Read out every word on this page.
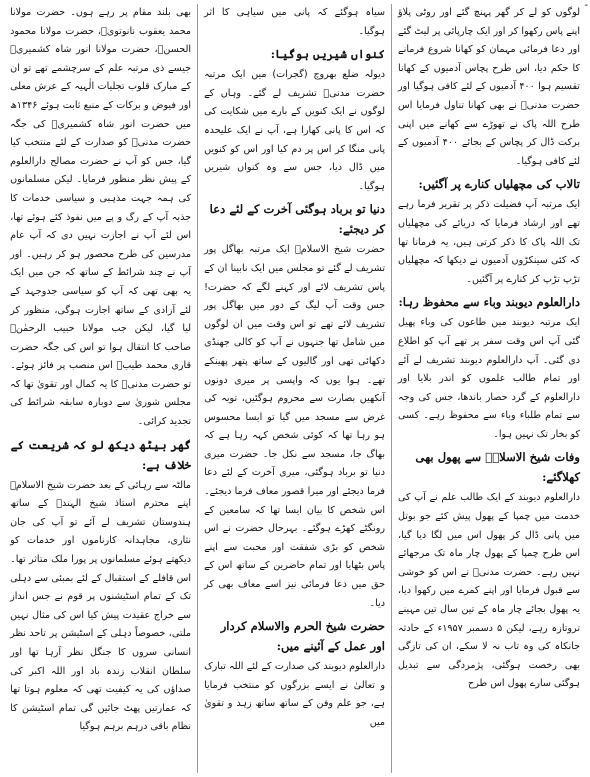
-

لوگوں کو لے کر گھر پہنچ گئے اور روٹی پلاؤ اپنے پاس رکھوا کر اور ایک چارپائی پر لیٹ گئے اور دعا فرمائی مہمان کو کھانا شروع فرمانے کا حکم دیا، اس طرح پچاس آدمیوں کے کھانا تقسیم ہوا ۴۰۰ آدمیوں کے لئے کافی ہوگیا اور حضرت مدنیؒ نے بھی کھانا تناول فرمایا اس طرح اللہ پاک نے تھوڑے سے کھانے میں اپنی برکت ڈال کر پچاس کے بجائے ۴۰۰ آدمیوں کے لئے کافی ہوگیا۔

تالاب کی مچھلیاں کنارے پر آگئیں:

ایک مرتبہ آپ فضیلت ذکر پر تقریر فرما رہے تھے اور ارشاد فرمایا کہ دریائے کی مچھلیاں تک اللہ پاک کا ذکر کرتی ہیں، یہ فرمانا تھا کہ کئی سینکڑوں آدمیوں نے دیکھا کہ مچھلیاں تڑپ تڑپ کر کنارے پر آگئیں۔

دارالعلوم دیوبند وباء سے محفوظ رہا:

ایک مرتبہ دیوبند میں طاعون کی وباء پھیل گئی آپ اس وقت سفر پر تھے آپ کو اطلاع دی گئی۔ آپ دارالعلوم دیوبند تشریف لے آئے اور تمام طالب علموں کو اندر بلایا اور دارالعلوم کے گرد حصار باندھا، جس کی وجہ سے تمام طلباء وباء سے محفوظ رہے۔ کسی کو بخار تک نہیں ہوا۔

وفات شیخ الاسلامؒ سے پھول بھی کھلاگئے:

دارالعلوم دیوبند کے ایک طالب علم نے آپ کی خدمت میں چمپا کے پھول پیش کئے جو بوتل میں پانی ڈال کر پھول اس میں لگا دیا گیا، اس طرح چمپا کے پھول چار ماہ تک مرجھائے نہیں رہے۔ حضرت مدنیؒ نے اس کو خوشی سے قبول فرمایا اور اپنے کمرے میں رکھوا دیا، یہ پھول بجائے چار ماہ کے تین سال تین مہینے تروتازہ رہے، لیکن ۵ دسمبر ۱۹۵۷ء کے حادثہ جانکاہ کی وہ تاب نہ لا سکے، ان کی تازگی بھی رخصت ہوگئی، پژمردگی سے تبدیل ہوگئی سارے پھول اس طرح

سیاہ ہوگئے کہ پانی میں سیاہی کا اثر ہوگیا۔

کنواں شیریں ہوگیا:

دیولہ ضلع بھروچ (گجرات) میں ایک مرتبہ حضرت مدنیؒ تشریف لے گئے۔ وہاں کے لوگوں نے ایک کنویں کے بارے میں شکایت کی کہ اس کا پانی کھارا ہے، آپ نے ایک علیحدہ پانی منگا کر اس پر دم کیا اور اس کو کنویں میں ڈال دیا، جس سے وہ کنواں شیریں ہوگیا۔

دنیا تو برباد ہوگئی آخرت کے لئے دعا کر دیجئے:

حضرت شیخ الاسلامؒ ایک مرتبہ بھاگل پور تشریف لے گئے تو مجلس میں ایک نابینا ان کے پاس تشریف لائے اور کہنے لگے کہ حضرت! جس وقت آپ لیگ کے دور میں بھاگل پور تشریف لائے تھے تو اس وقت میں ان لوگوں میں شامل تھا جنہوں نے آپ کو کالی جھنڈی دکھائی تھی اور گالیوں کے ساتھ پتھر پھینکے تھے۔ ہوا یوں کہ واپسی پر میری دونوں آنکھیں بصارت سے محروم ہوگئیں، توبہ کی غرض سے مسجد میں گیا تو ایسا محسوس ہو رہا تھا کہ کوئی شخص کہہ رہا ہے کہ بھاگ جا، مسجد سے نکل جا۔ حضرت میری دنیا تو برباد ہوگئی، میری آخرت کے لئے دعا فرما دیجئے اور میرا قصور معاف فرما دیجئے۔ اس شخص کا بیان ایسا تھا کہ سامعین کے رونگٹے کھڑے ہوگئے۔ بہرحال حضرت نے اس شخص کو بڑی شفقت اور محبت سے اپنے پاس بٹھایا اور تمام حاضرین کے ساتھ اس کے حق میں دعا فرمائی نیز اسے معاف بھی کر دیا۔

حضرت شیخ الحرم والاسلام کردار اور عمل کے آئینے میں:

دارالعلوم دیوبند کی صدارت کے لئے اللہ تبارک و تعالیٰ نے ایسے بزرگوں کو منتخب فرمایا ہے، جو علم وفن کے ساتھ ساتھ زہد و تقویٰ میں

بھی بلند مقام پر رہے ہوں۔ حضرت مولانا محمد یعقوب نانوتویؒ، حضرت مولانا محمود الحسنؒ، حضرت مولانا انور شاہ کشمیریؒ جیسے ذی مرتبہ علم کے سرچشمے تھے تو ان کے مبارک قلوب تجلیات الٰہیہ کے عرش معلی اور فیوض و برکات کے منبع ثابت ہوئے ۱۳۴۶ھ میں حضرت انور شاہ کشمیریؒ کی جگہ حضرت مدنیؒ کو صدارت کے لئے منتخب کیا گیا، جس کو آپ نے حضرت مصالح دارالعلوم کے پیش نظر منظور فرمایا۔ لیکن مسلمانوں کی ہمہ جہت مذہبی و سیاسی خدمات کا جذبہ آپ کے رگ و پے میں نفوذ کئے ہوئے تھا، اس لئے آپ نے اجازت نہیں دی کہ آپ عام مدرسین کی طرح محصور ہو کر رہیں۔ اور آپ نے چند شرائط کے ساتھ کہ جن میں ایک یہ بھی تھی کہ آپ کو سیاسی جدوجہد کے لئے آزادی کے ساتھ اجازت ہوگی، منظور کر لیا گیا، لیکن جب مولانا حبیب الرحمٰنؒ صاحب کا انتقال ہوا تو اس کی جگہ حضرت قاری محمد طیبؒ اس منصب پر فائز ہوئے۔ تو حضرت مدنیؒ کا یہ کمال اور تقویٰ تھا کہ مجلس شوریٰ سے دوبارہ سابقہ شرائط کی تجدید کرائی۔

گھر بیٹھ دیکھ لو کہ شریعت کے خلاف ہے:

مالٹہ سے رہائی کے بعد حضرت شیخ الاسلامؒ اپنے محترم استاذ شیخ الہندؒ کے ساتھ ہندوستان تشریف لے آئے تو آپ کی جان نثاری، مجاہدانہ کارناموں اور خدمات کو دیکھتے ہوئے مسلمانوں پر پورا ملک متاثر تھا۔ اس قافلے کے استقبال کے لئے بمبئی سے دہلی تک کے تمام اسٹیشنوں پر قوم نے جس انداز سے خراج عقیدت پیش کیا اس کی مثال نہیں ملتی، خصوصاً دہلی کے اسٹیشن پر تاحد نظر انسانی سروں کا جنگل نظر آرہا تھا اور سلطان انقلاب زندہ باد اور اللہ اکبر کی صداؤں کی یہ کیفیت تھی کہ معلوم ہوتا تھا کہ عمارتیں پھٹ جائیں گی تمام اسٹیشن کا نظام باقی درہم برہم ہوگیا
